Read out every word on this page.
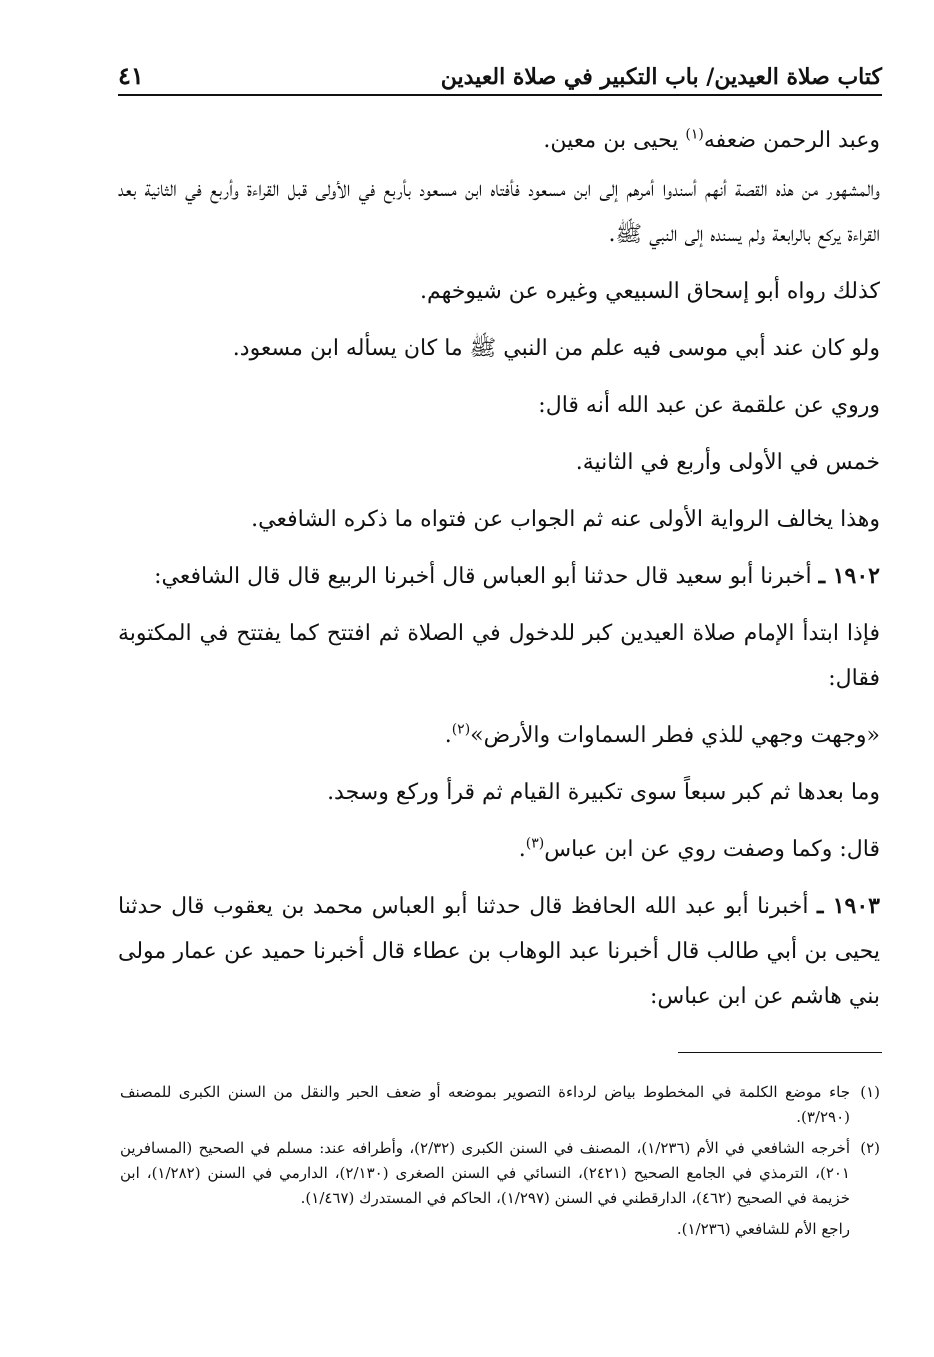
كتاب صلاة العيدين/ باب التكبير في صلاة العيدين
٤١

وعبد الرحمن ضعفه$^{(١)}$ يحيى بن معين.

والمشهور من هذه القصة أنهم أسندوا أمرهم إلى ابن مسعود فأفتاه ابن مسعود بأربع في الأولى قبل القراءة وأربع في الثانية بعد القراءة يركع بالرابعة ولم يسنده إلى النبي ﷺ.

كذلك رواه أبو إسحاق السبيعي وغيره عن شيوخهم.

ولو كان عند أبي موسى فيه علم من النبي ﷺ ما كان يسأله ابن مسعود.

وروي عن علقمة عن عبد الله أنه قال:

خمس في الأولى وأربع في الثانية.

وهذا يخالف الرواية الأولى عنه ثم الجواب عن فتواه ما ذكره الشافعي.

١٩٠٢ ـ أخبرنا أبو سعيد قال حدثنا أبو العباس قال أخبرنا الربيع قال قال الشافعي:

فإذا ابتدأ الإمام صلاة العيدين كبر للدخول في الصلاة ثم افتتح كما يفتتح في المكتوبة فقال:

«وجهت وجهي للذي فطر السماوات والأرض»$^{(٢)}$.

وما بعدها ثم كبر سبعاً سوى تكبيرة القيام ثم قرأ وركع وسجد.

قال: وكما وصفت روي عن ابن عباس$^{(٣)}$.

١٩٠٣ ـ أخبرنا أبو عبد الله الحافظ قال حدثنا أبو العباس محمد بن يعقوب قال حدثنا يحيى بن أبي طالب قال أخبرنا عبد الوهاب بن عطاء قال أخبرنا حميد عن عمار مولى بني هاشم عن ابن عباس:

(١)
جاء موضع الكلمة في المخطوط بياض لرداءة التصوير بموضعه أو ضعف الحبر والنقل من السنن الكبرى للمصنف (٣/٢٩٠).
(٢)
أخرجه الشافعي في الأم (١/٢٣٦)، المصنف في السنن الكبرى (٢/٣٢)، وأطرافه عند: مسلم في الصحيح (المسافرين ٢٠١)، الترمذي في الجامع الصحيح (٢٤٢١)، النسائي في السنن الصغرى (٢/١٣٠)، الدارمي في السنن (١/٢٨٢)، ابن خزيمة في الصحيح (٤٦٢)، الدارقطني في السنن (١/٢٩٧)، الحاكم في المستدرك (١/٤٦٧).
راجع الأم للشافعي (١/٢٣٦).
